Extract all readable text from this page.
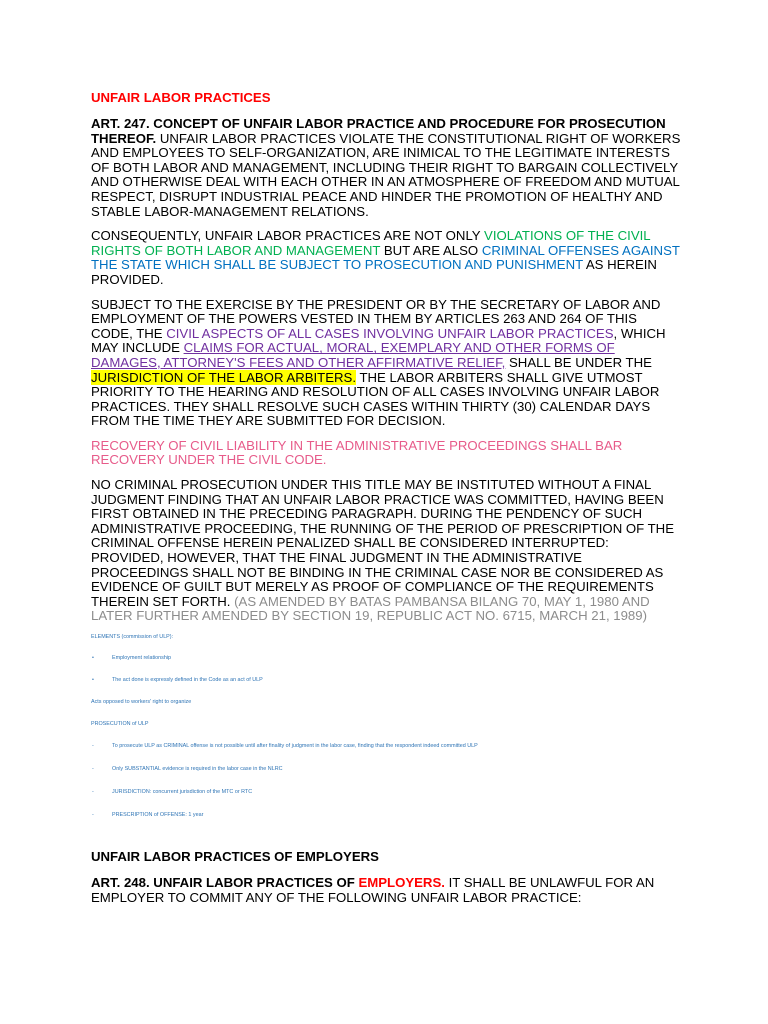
UNFAIR LABOR PRACTICES

ART. 247. CONCEPT OF UNFAIR LABOR PRACTICE AND PROCEDURE FOR PROSECUTION THEREOF. UNFAIR LABOR PRACTICES VIOLATE THE CONSTITUTIONAL RIGHT OF WORKERS AND EMPLOYEES TO SELF-ORGANIZATION, ARE INIMICAL TO THE LEGITIMATE INTERESTS OF BOTH LABOR AND MANAGEMENT, INCLUDING THEIR RIGHT TO BARGAIN COLLECTIVELY AND OTHERWISE DEAL WITH EACH OTHER IN AN ATMOSPHERE OF FREEDOM AND MUTUAL RESPECT, DISRUPT INDUSTRIAL PEACE AND HINDER THE PROMOTION OF HEALTHY AND STABLE LABOR-MANAGEMENT RELATIONS.

CONSEQUENTLY, UNFAIR LABOR PRACTICES ARE NOT ONLY VIOLATIONS OF THE CIVIL RIGHTS OF BOTH LABOR AND MANAGEMENT BUT ARE ALSO CRIMINAL OFFENSES AGAINST THE STATE WHICH SHALL BE SUBJECT TO PROSECUTION AND PUNISHMENT AS HEREIN PROVIDED.

SUBJECT TO THE EXERCISE BY THE PRESIDENT OR BY THE SECRETARY OF LABOR AND EMPLOYMENT OF THE POWERS VESTED IN THEM BY ARTICLES 263 AND 264 OF THIS CODE, THE CIVIL ASPECTS OF ALL CASES INVOLVING UNFAIR LABOR PRACTICES, WHICH MAY INCLUDE CLAIMS FOR ACTUAL, MORAL, EXEMPLARY AND OTHER FORMS OF DAMAGES, ATTORNEY'S FEES AND OTHER AFFIRMATIVE RELIEF, SHALL BE UNDER THE JURISDICTION OF THE LABOR ARBITERS. THE LABOR ARBITERS SHALL GIVE UTMOST PRIORITY TO THE HEARING AND RESOLUTION OF ALL CASES INVOLVING UNFAIR LABOR PRACTICES. THEY SHALL RESOLVE SUCH CASES WITHIN THIRTY (30) CALENDAR DAYS FROM THE TIME THEY ARE SUBMITTED FOR DECISION.

RECOVERY OF CIVIL LIABILITY IN THE ADMINISTRATIVE PROCEEDINGS SHALL BAR RECOVERY UNDER THE CIVIL CODE.

NO CRIMINAL PROSECUTION UNDER THIS TITLE MAY BE INSTITUTED WITHOUT A FINAL JUDGMENT FINDING THAT AN UNFAIR LABOR PRACTICE WAS COMMITTED, HAVING BEEN FIRST OBTAINED IN THE PRECEDING PARAGRAPH. DURING THE PENDENCY OF SUCH ADMINISTRATIVE PROCEEDING, THE RUNNING OF THE PERIOD OF PRESCRIPTION OF THE CRIMINAL OFFENSE HEREIN PENALIZED SHALL BE CONSIDERED INTERRUPTED: PROVIDED, HOWEVER, THAT THE FINAL JUDGMENT IN THE ADMINISTRATIVE PROCEEDINGS SHALL NOT BE BINDING IN THE CRIMINAL CASE NOR BE CONSIDERED AS EVIDENCE OF GUILT BUT MERELY AS PROOF OF COMPLIANCE OF THE REQUIREMENTS THEREIN SET FORTH. (AS AMENDED BY BATAS PAMBANSA BILANG 70, MAY 1, 1980 AND LATER FURTHER AMENDED BY SECTION 19, REPUBLIC ACT NO. 6715, MARCH 21, 1989)

ELEMENTS (commission of ULP):
•	Employment relationship
•	The act done is expressly defined in the Code as an act of ULP
Acts opposed to workers' right to organize
PROSECUTION of ULP
-	To prosecute ULP as CRIMINAL offense is not possible until after finality of judgment in the labor case, finding that the respondent indeed committed ULP
-	Only SUBSTANTIAL evidence is required in the labor case in the NLRC
-	JURISDICTION: concurrent jurisdiction of the MTC or RTC
-	PRESCRIPTION of OFFENSE: 1 year
UNFAIR LABOR PRACTICES OF EMPLOYERS

ART. 248. UNFAIR LABOR PRACTICES OF EMPLOYERS. IT SHALL BE UNLAWFUL FOR AN EMPLOYER TO COMMIT ANY OF THE FOLLOWING UNFAIR LABOR PRACTICE:
